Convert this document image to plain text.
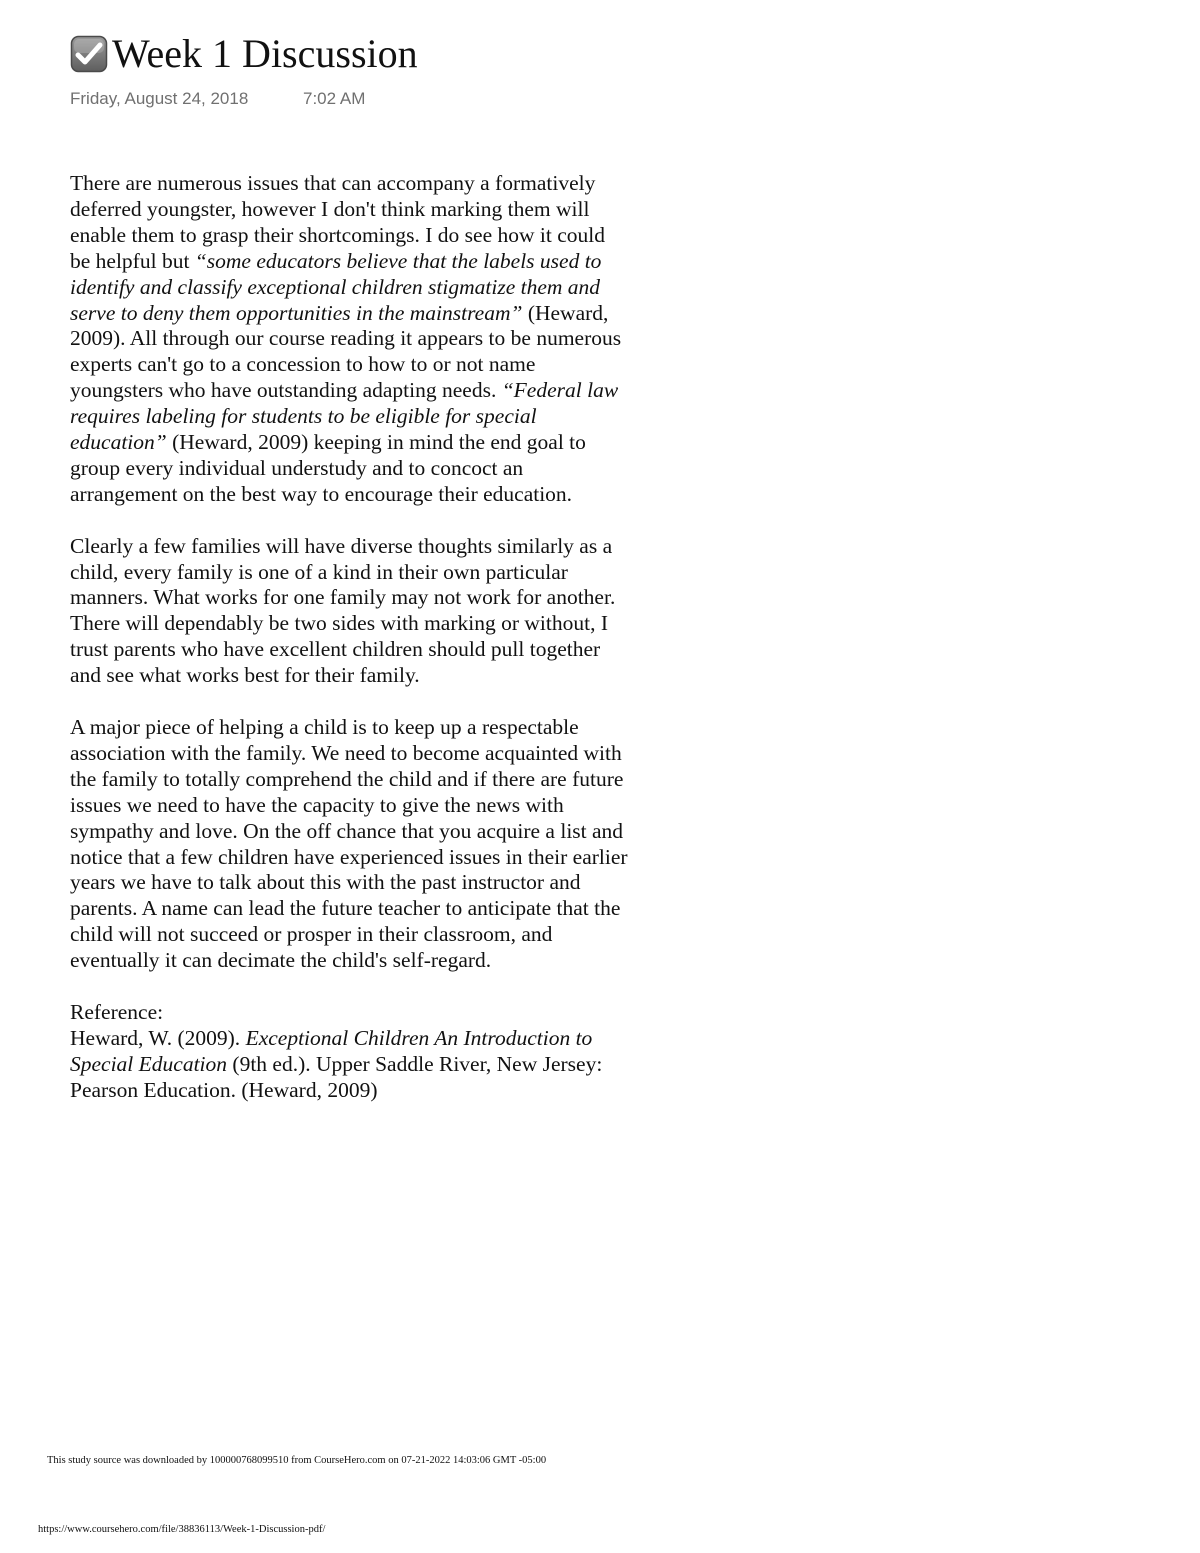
Week 1 Discussion
Friday, August 24, 2018	7:02 AM

There are numerous issues that can accompany a formatively deferred youngster, however I don't think marking them will enable them to grasp their shortcomings. I do see how it could be helpful but “some educators believe that the labels used to identify and classify exceptional children stigmatize them and serve to deny them opportunities in the mainstream” (Heward, 2009). All through our course reading it appears to be numerous experts can't go to a concession to how to or not name youngsters who have outstanding adapting needs. “Federal law requires labeling for students to be eligible for special education” (Heward, 2009) keeping in mind the end goal to group every individual understudy and to concoct an arrangement on the best way to encourage their education.

Clearly a few families will have diverse thoughts similarly as a child, every family is one of a kind in their own particular manners. What works for one family may not work for another. There will dependably be two sides with marking or without, I trust parents who have excellent children should pull together and see what works best for their family.

A major piece of helping a child is to keep up a respectable association with the family. We need to become acquainted with the family to totally comprehend the child and if there are future issues we need to have the capacity to give the news with sympathy and love. On the off chance that you acquire a list and notice that a few children have experienced issues in their earlier years we have to talk about this with the past instructor and parents. A name can lead the future teacher to anticipate that the child will not succeed or prosper in their classroom, and eventually it can decimate the child's self-regard.

Reference:
Heward, W. (2009). Exceptional Children An Introduction to Special Education (9th ed.). Upper Saddle River, New Jersey: Pearson Education. (Heward, 2009)

This study source was downloaded by 100000768099510 from CourseHero.com on 07-21-2022 14:03:06 GMT -05:00
https://www.coursehero.com/file/38836113/Week-1-Discussion-pdf/
